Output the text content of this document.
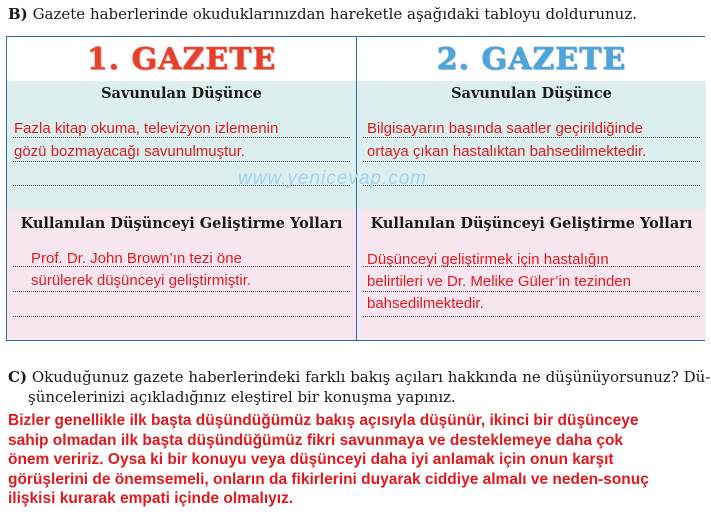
B) Gazete haberlerinde okuduklarınızdan hareketle aşağıdaki tabloyu doldurunuz.
1. GAZETE
Savunulan Düşünce
Fazla kitap okuma, televizyon izlemenin
gözü bozmayacağı savunulmuştur.
Kullanılan Düşünceyi Geliştirme Yolları
Prof. Dr. John Brown’ın tezi öne
sürülerek düşünceyi geliştirmiştir.
2. GAZETE
Savunulan Düşünce
Bilgisayarın başında saatler geçirildiğinde
ortaya çıkan hastalıktan bahsedilmektedir.
Kullanılan Düşünceyi Geliştirme Yolları
Düşünceyi geliştirmek için hastalığın
belirtileri ve Dr. Melike Güler’in tezinden
bahsedilmektedir.
www.yenicevap.com
C) Okuduğunuz gazete haberlerindeki farklı bakış açıları hakkında ne düşünüyorsunuz? Dü-
şüncelerinizi açıkladığınız eleştirel bir konuşma yapınız.
Bizler genellikle ilk başta düşündüğümüz bakış açısıyla düşünür, ikinci bir düşünceye
sahip olmadan ilk başta düşündüğümüz fikri savunmaya ve desteklemeye daha çok
önem veririz. Oysa ki bir konuyu veya düşünceyi daha iyi anlamak için onun karşıt
görüşlerini de önemsemeli, onların da fikirlerini duyarak ciddiye almalı ve neden-sonuç
ilişkisi kurarak empati içinde olmalıyız.
